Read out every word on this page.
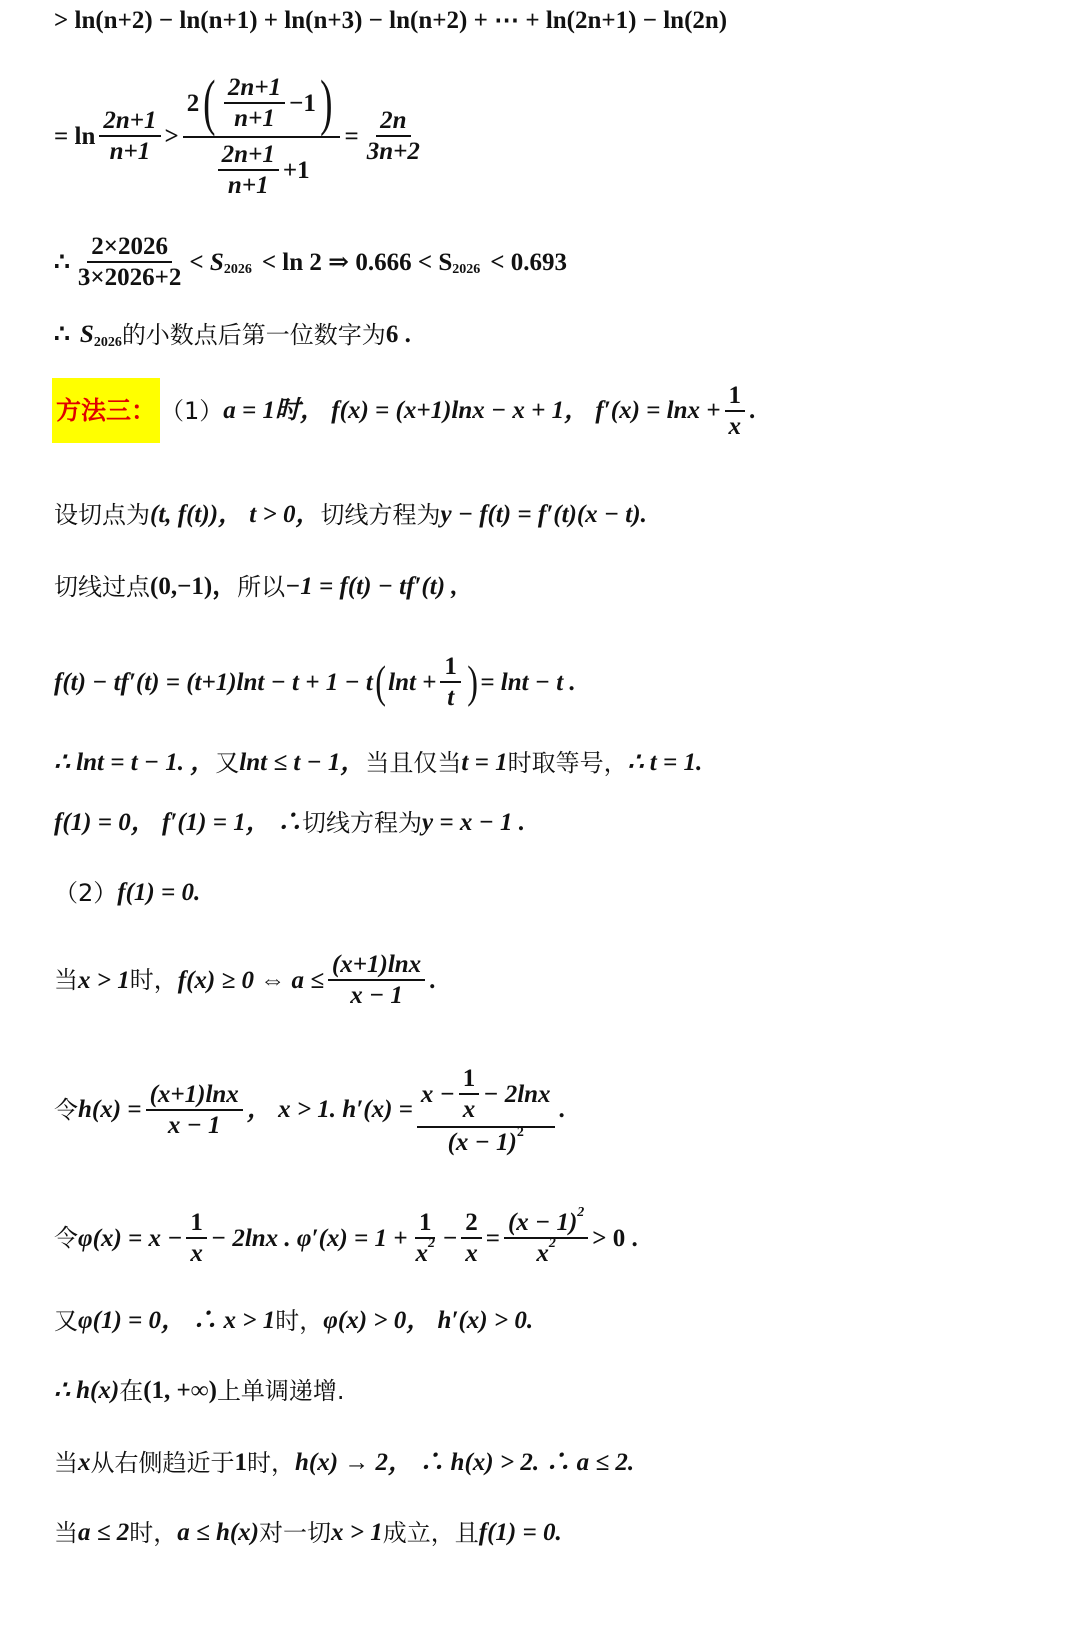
> ln(n+2) − ln(n+1) + ln(n+3) − ln(n+2) + ⋯ + ln(2n+1) − ln(2n)
= $\ln \frac{2n+1}{n+1}$ >
2 ( $\frac{2n+1}{n+1} -1$ )
$\frac{2n+1}{n+1} +1$
= $\frac{2n}{3n+2}$
∴ $\frac{2\times 2026}{3\times 2026+2} < S$ 2026 < ln 2 ⇒ 0.666 < S 2026 < 0.693
∴ S 2026 的小数点后第一位数字为 6 .
方法三： （1） a = 1时， f(x) = (x+1)lnx − x + 1， $f'(x) = \ln x + \frac{1}{x}$ .
设切点为 (t, f(t))， t > 0， 切线方程为 y − f(t) = f′(t)(x − t).
切线过点 (0,−1)， 所以 −1 = f(t) − tf′(t) ,
f(t) − tf′(t) = (t+1)lnt − t + 1 − t ( $\ln t + \frac{1}{t}$ ) = lnt − t .
∴ lnt = t − 1. ， 又 lnt ≤ t − 1， 当且仅当 t = 1 时取等号， ∴ t = 1.
f(1) = 0， f′(1) = 1， ∴ 切线方程为 y = x − 1 .
（2） f(1) = 0.
当 x > 1 时， f(x) ≥ 0 ⇔ $a \le \frac{(x+1)\ln x}{x - 1}$ .
令 $h(x) = \frac{(x+1)\ln x}{x - 1}$ ， x > 1. $h'(x) = \frac{x - \frac{1}{x} - 2\ln x}{(x - 1) 2}$ .
令 $\varphi(x) = x - \frac{1}{x} - 2\ln x$ . $\varphi'(x) = 1 + \frac{1}{x 2} - \frac{2}{x} = \frac{(x - 1) 2}{x 2} > 0$ .
又 φ(1) = 0， ∴ x > 1 时， φ(x) > 0， h′(x) > 0.
∴ h(x) 在 (1, +∞) 上单调递增.
当 x 从右侧趋近于 1 时， h(x) → 2， ∴ h(x) > 2. ∴ a ≤ 2.
当 a ≤ 2 时， a ≤ h(x) 对一切 x > 1 成立，且 f(1) = 0.
